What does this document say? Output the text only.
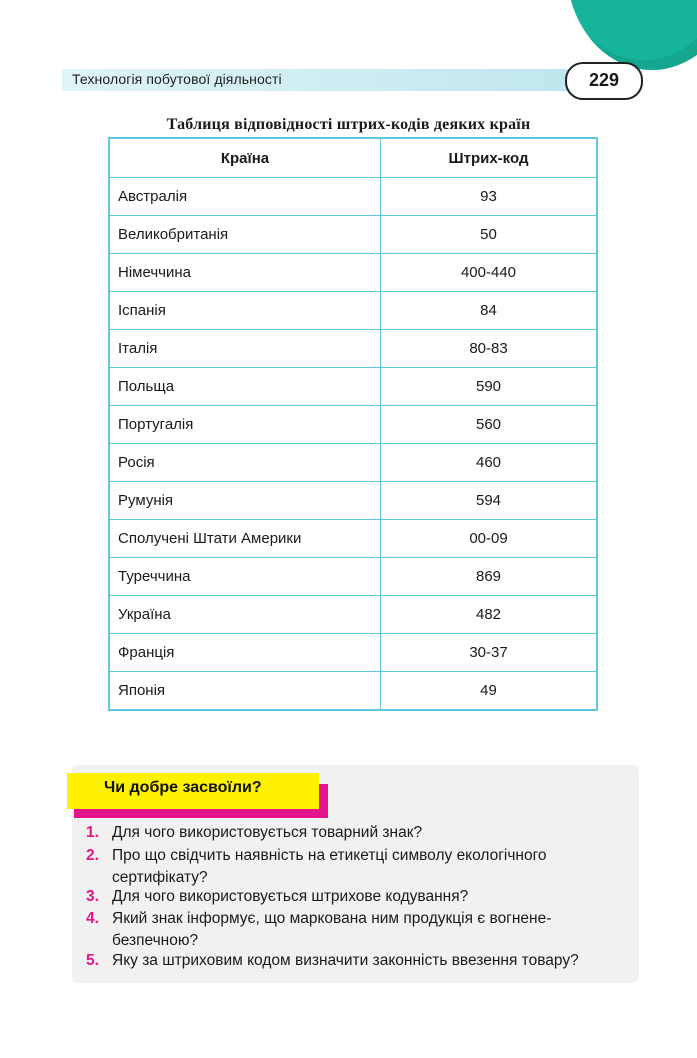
Технологія побутової діяльності	229
Таблиця відповідності штрих-кодів деяких країн
Країна	Штрих-код
Австралія	93
Великобританія	50
Німеччина	400-440
Іспанія	84
Італія	80-83
Польща	590
Португалія	560
Росія	460
Румунія	594
Сполучені Штати Америки	00-09
Туреччина	869
Україна	482
Франція	30-37
Японія	49
Чи добре засвоїли?
1. Для чого використовується товарний знак?
2. Про що свідчить наявність на етикетці символу екологічного
сертифікату?
3. Для чого використовується штрихове кодування?
4. Який знак інформує, що маркована ним продукція є вогнене-
безпечною?
5. Яку за штриховим кодом визначити законність ввезення товару?
